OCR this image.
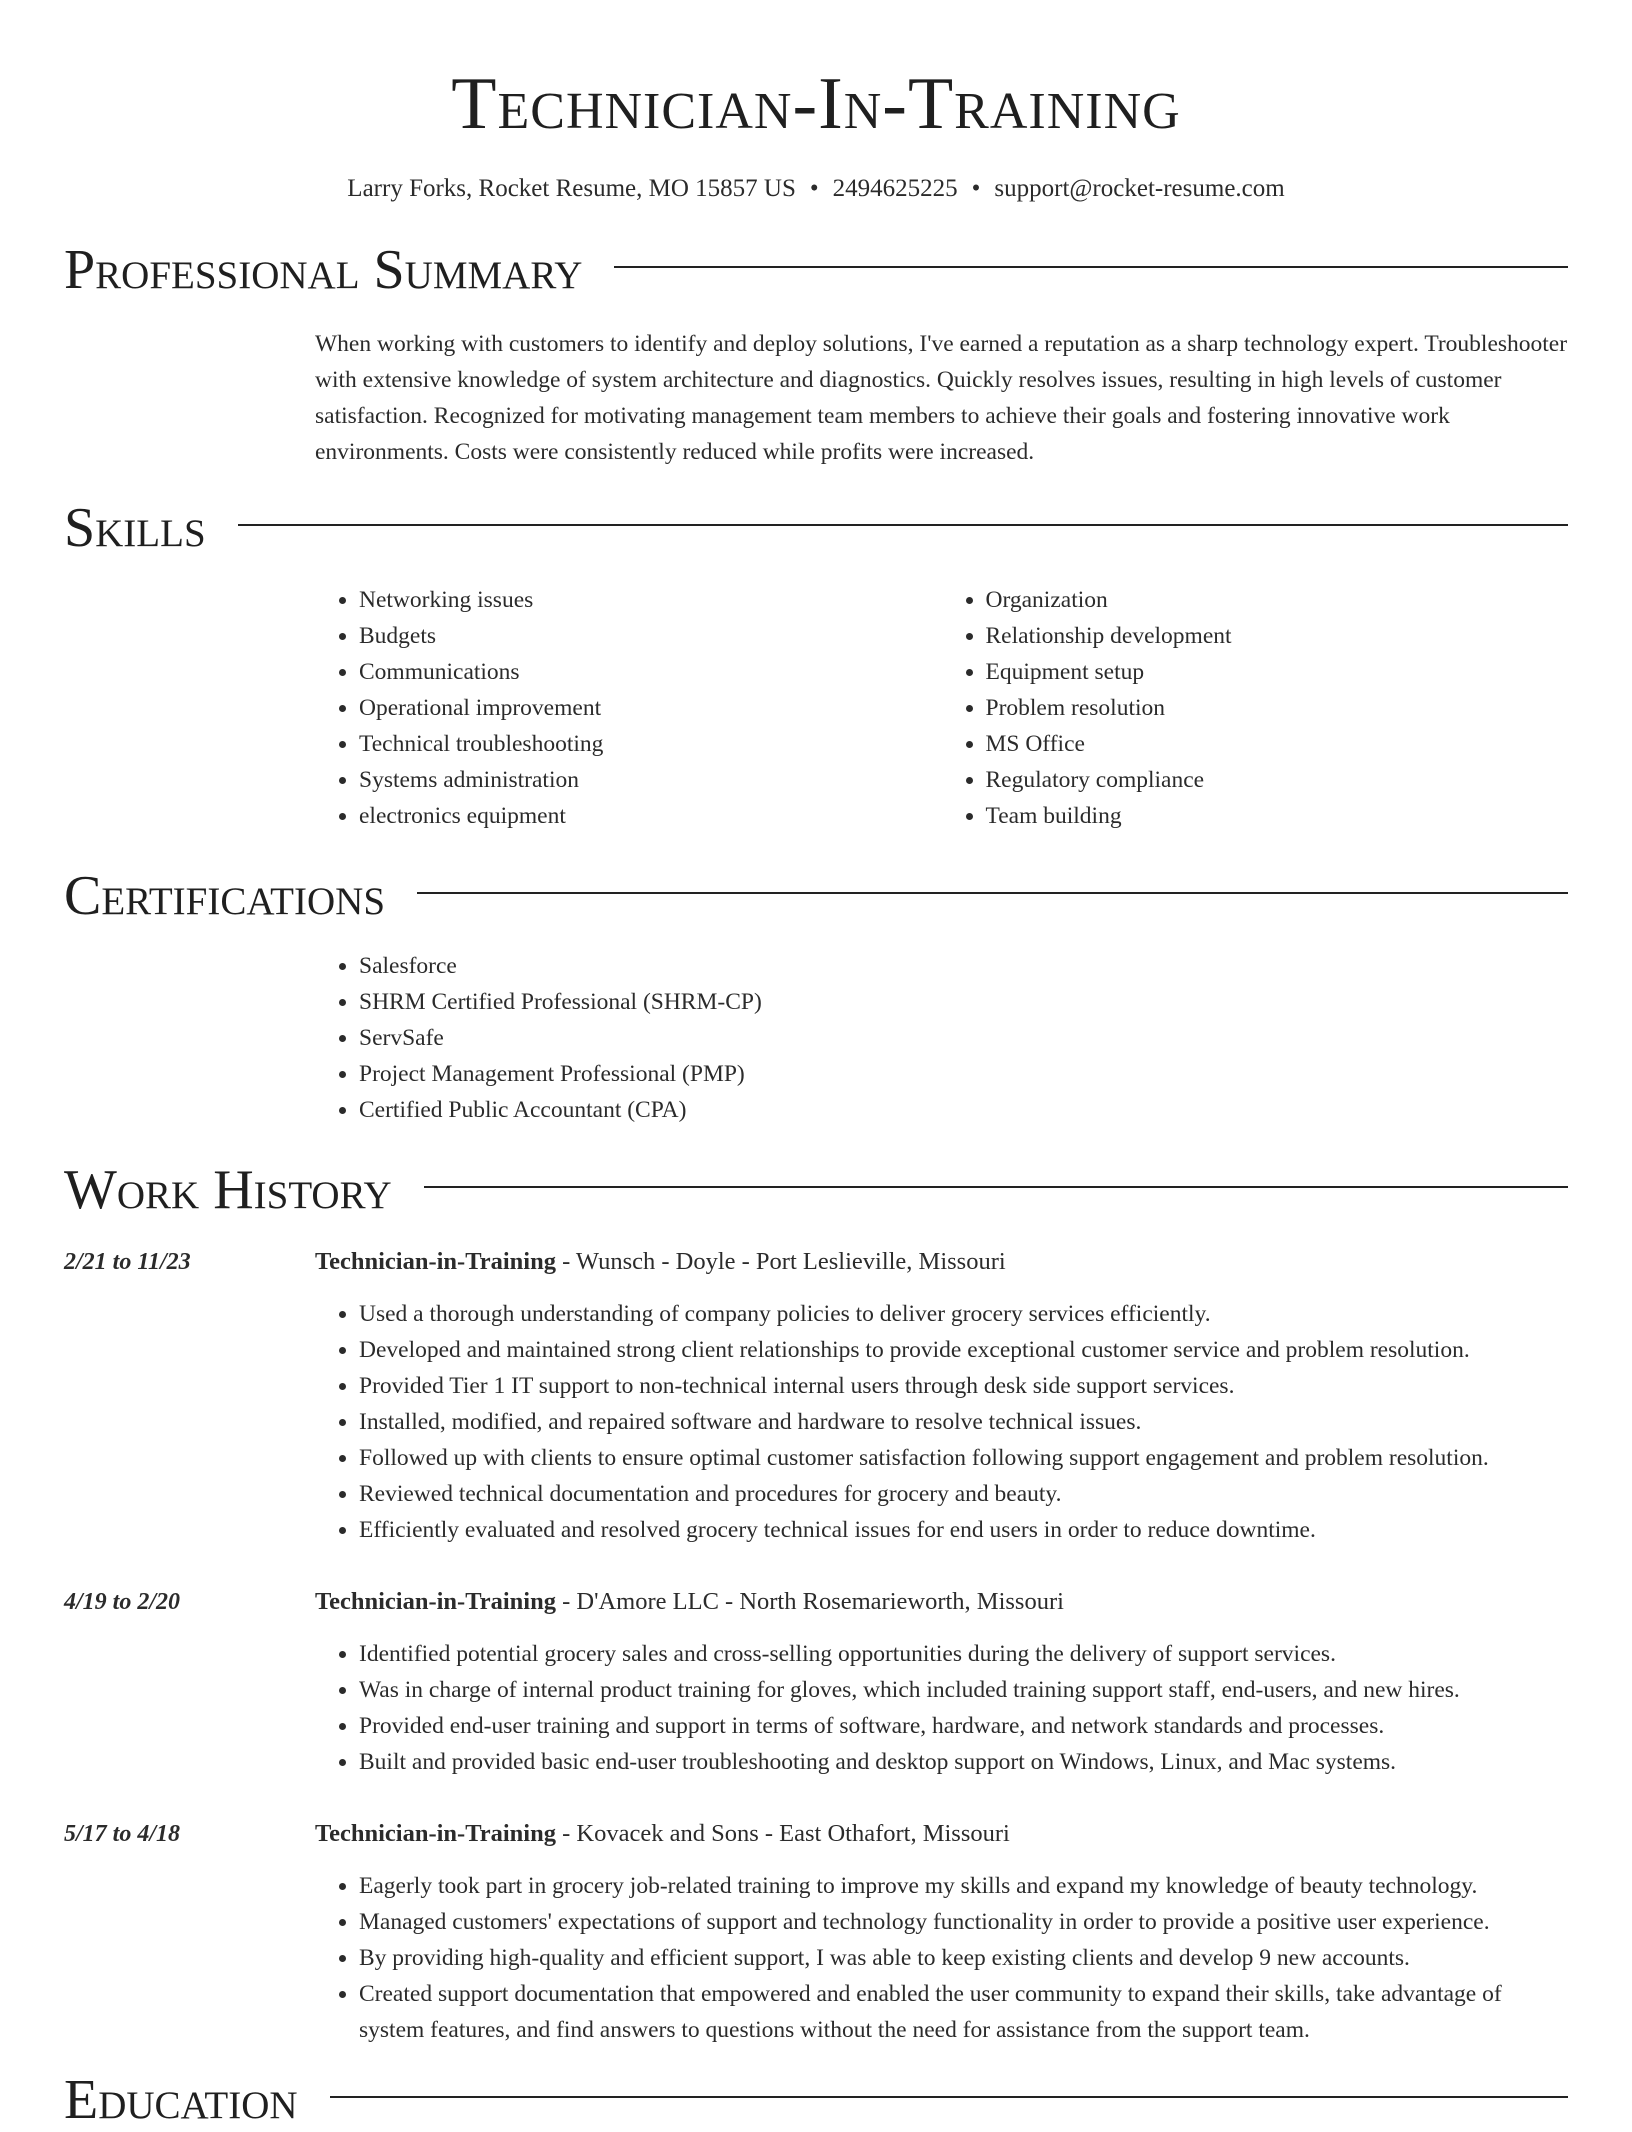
Technician-In-Training
Larry Forks, Rocket Resume, MO 15857 US • 2494625225 • support@rocket-resume.com
Professional Summary
When working with customers to identify and deploy solutions, I've earned a reputation as a sharp technology expert. Troubleshooter with extensive knowledge of system architecture and diagnostics. Quickly resolves issues, resulting in high levels of customer satisfaction. Recognized for motivating management team members to achieve their goals and fostering innovative work environments. Costs were consistently reduced while profits were increased.
Skills
• Networking issues
• Budgets
• Communications
• Operational improvement
• Technical troubleshooting
• Systems administration
• electronics equipment
• Organization
• Relationship development
• Equipment setup
• Problem resolution
• MS Office
• Regulatory compliance
• Team building
Certifications
• Salesforce
• SHRM Certified Professional (SHRM-CP)
• ServSafe
• Project Management Professional (PMP)
• Certified Public Accountant (CPA)
Work History
2/21 to 11/23	Technician-in-Training - Wunsch - Doyle - Port Leslieville, Missouri
• Used a thorough understanding of company policies to deliver grocery services efficiently.
• Developed and maintained strong client relationships to provide exceptional customer service and problem resolution.
• Provided Tier 1 IT support to non-technical internal users through desk side support services.
• Installed, modified, and repaired software and hardware to resolve technical issues.
• Followed up with clients to ensure optimal customer satisfaction following support engagement and problem resolution.
• Reviewed technical documentation and procedures for grocery and beauty.
• Efficiently evaluated and resolved grocery technical issues for end users in order to reduce downtime.
4/19 to 2/20	Technician-in-Training - D'Amore LLC - North Rosemarieworth, Missouri
• Identified potential grocery sales and cross-selling opportunities during the delivery of support services.
• Was in charge of internal product training for gloves, which included training support staff, end-users, and new hires.
• Provided end-user training and support in terms of software, hardware, and network standards and processes.
• Built and provided basic end-user troubleshooting and desktop support on Windows, Linux, and Mac systems.
5/17 to 4/18	Technician-in-Training - Kovacek and Sons - East Othafort, Missouri
• Eagerly took part in grocery job-related training to improve my skills and expand my knowledge of beauty technology.
• Managed customers' expectations of support and technology functionality in order to provide a positive user experience.
• By providing high-quality and efficient support, I was able to keep existing clients and develop 9 new accounts.
• Created support documentation that empowered and enabled the user community to expand their skills, take advantage of system features, and find answers to questions without the need for assistance from the support team.
Education
